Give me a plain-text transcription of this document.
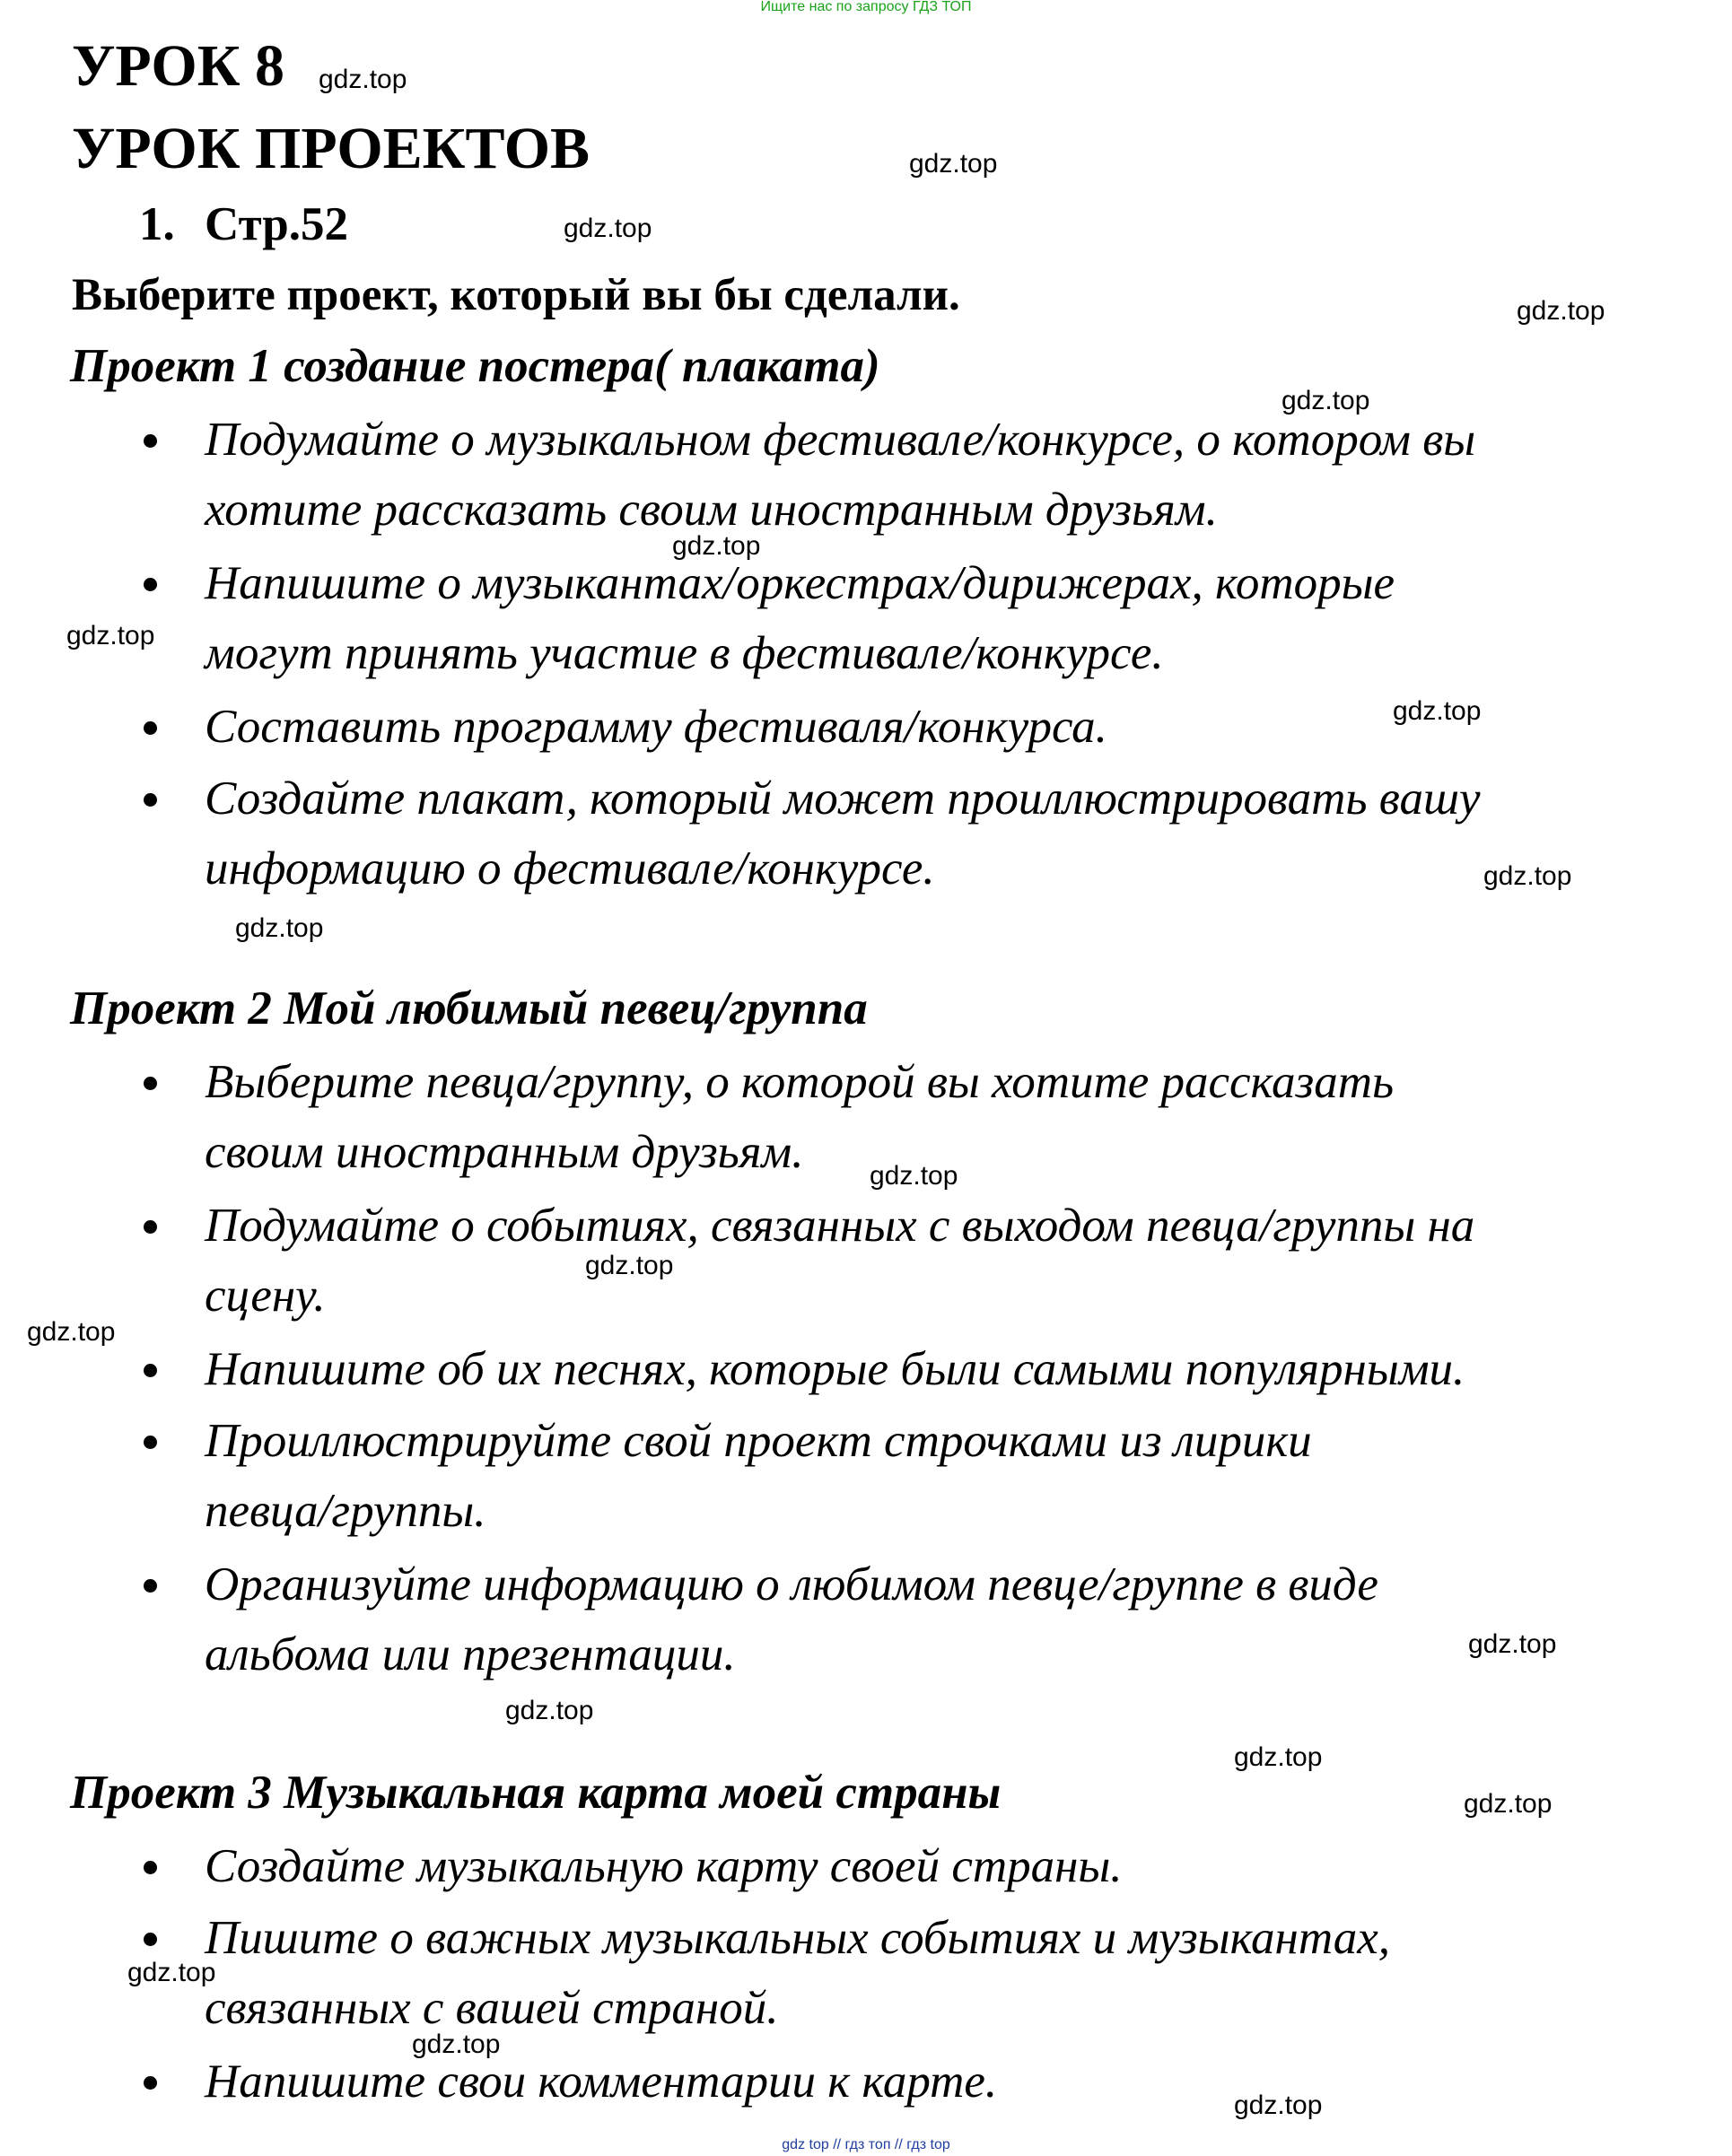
Ищите нас по запросу ГДЗ ТОП
УРОК 8
УРОК ПРОЕКТОВ
1. Стр.52
Выберите проект, который вы бы сделали.
Проект 1 создание постера( плаката)
Подумайте о музыкальном фестивале/конкурсе, о котором вы
хотите рассказать своим иностранным друзьям.
Напишите о музыкантах/оркестрах/дирижерах, которые
могут принять участие в фестивале/конкурсе.
Составить программу фестиваля/конкурса.
Создайте плакат, который может проиллюстрировать вашу
информацию о фестивале/конкурсе.
Проект 2 Мой любимый певец/группа
Выберите певца/группу, о которой вы хотите рассказать
своим иностранным друзьям.
Подумайте о событиях, связанных с выходом певца/группы на
сцену.
Напишите об их песнях, которые были самыми популярными.
Проиллюстрируйте свой проект строчками из лирики
певца/группы.
Организуйте информацию о любимом певце/группе в виде
альбома или презентации.
Проект 3 Музыкальная карта моей страны
Создайте музыкальную карту своей страны.
Пишите о важных музыкальных событиях и музыкантах,
связанных с вашей страной.
Напишите свои комментарии к карте.
gdz.top
gdz.top
gdz.top
gdz.top
gdz.top
gdz.top
gdz.top
gdz.top
gdz.top
gdz.top
gdz.top
gdz.top
gdz.top
gdz.top
gdz.top
gdz.top
gdz.top
gdz.top
gdz.top
gdz.top
gdz top // гдз топ // гдз top
